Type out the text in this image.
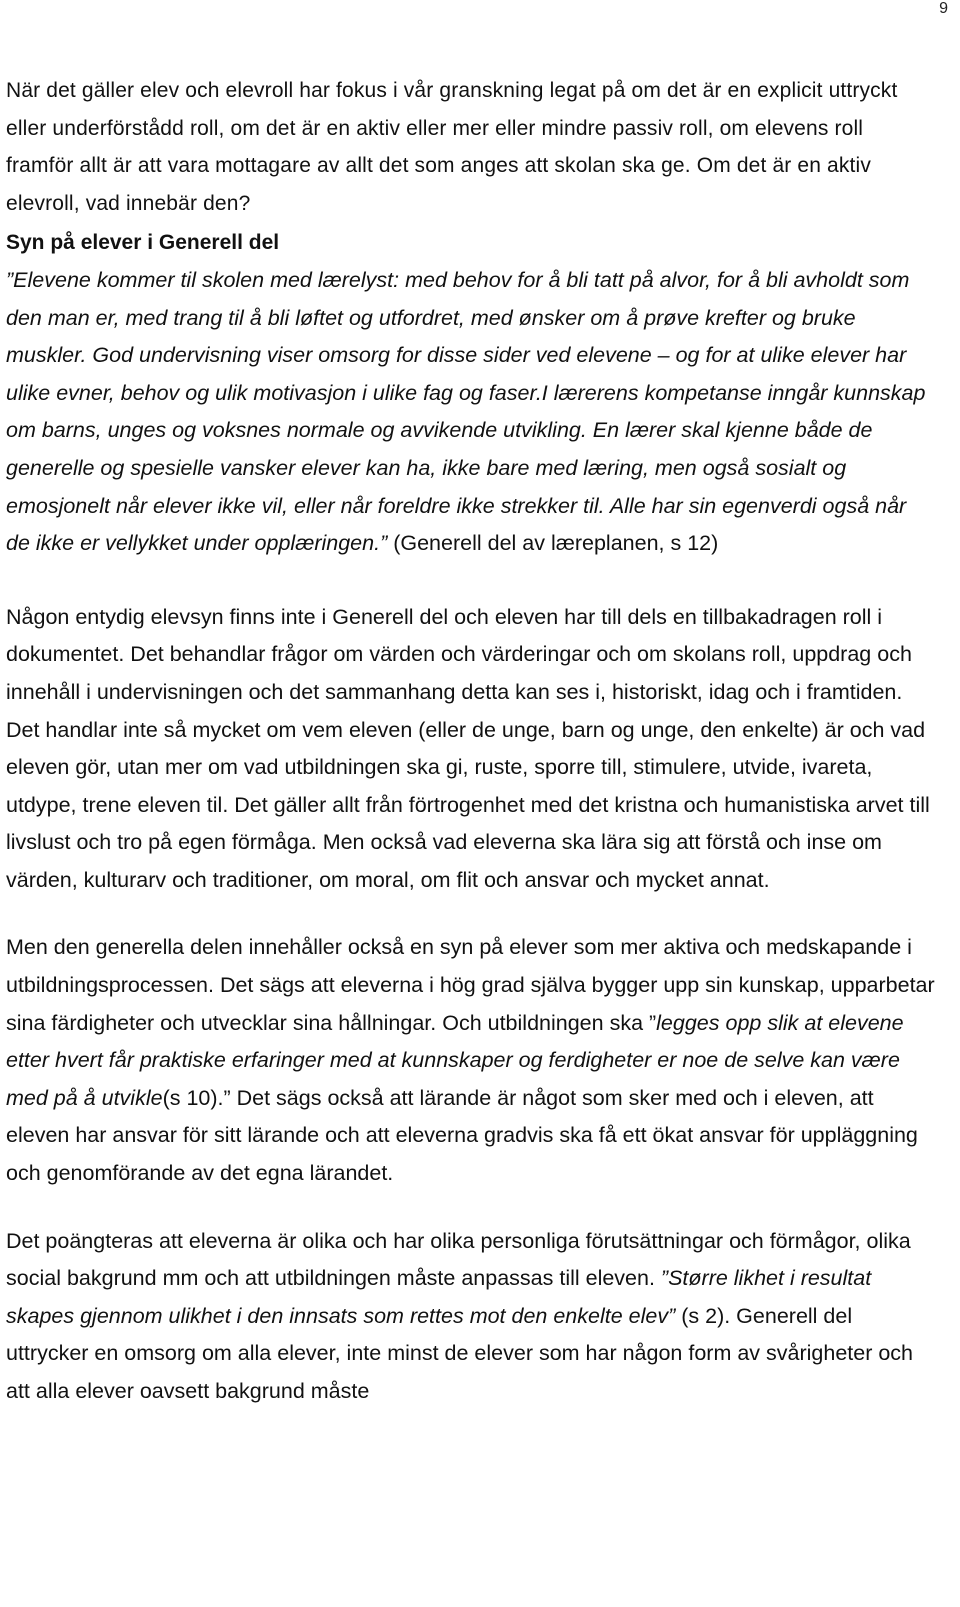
9

När det gäller elev och elevroll har fokus i vår granskning legat på om det är en explicit uttryckt eller underförstådd roll, om det är en aktiv eller mer eller mindre passiv roll, om elevens roll framför allt är att vara mottagare av allt det som anges att skolan ska ge. Om det är en aktiv elevroll, vad innebär den?

Syn på elever i Generell del

”Elevene kommer til skolen med lærelyst: med behov for å bli tatt på alvor, for å bli avholdt som den man er, med trang til å bli løftet og utfordret, med ønsker om å prøve krefter og bruke muskler. God undervisning viser omsorg for disse sider ved elevene – og for at ulike elever har ulike evner, behov og ulik motivasjon i ulike fag og faser.I lærerens kompetanse inngår kunnskap om barns, unges og voksnes normale og avvikende utvikling. En lærer skal kjenne både de generelle og spesielle vansker elever kan ha, ikke bare med læring, men også sosialt og emosjonelt når elever ikke vil, eller når foreldre ikke strekker til. Alle har sin egenverdi også når de ikke er vellykket under opplæringen.” (Generell del av læreplanen, s 12)

Någon entydig elevsyn finns inte i Generell del och eleven har till dels en tillbakadragen roll i dokumentet. Det behandlar frågor om värden och värderingar och om skolans roll, uppdrag och innehåll i undervisningen och det sammanhang detta kan ses i, historiskt, idag och i framtiden. Det handlar inte så mycket om vem eleven (eller de unge, barn og unge, den enkelte) är och vad eleven gör, utan mer om vad utbildningen ska gi, ruste, sporre till, stimulere, utvide, ivareta, utdype, trene eleven til. Det gäller allt från förtrogenhet med det kristna och humanistiska arvet till livslust och tro på egen förmåga. Men också vad eleverna ska lära sig att förstå och inse om värden, kulturarv och traditioner, om moral, om flit och ansvar och mycket annat.

Men den generella delen innehåller också en syn på elever som mer aktiva och medskapande i utbildningsprocessen. Det sägs att eleverna i hög grad själva bygger upp sin kunskap, upparbetar sina färdigheter och utvecklar sina hållningar. Och utbildningen ska ”legges opp slik at elevene etter hvert får praktiske erfaringer med at kunnskaper og ferdigheter er noe de selve kan være med på å utvikle(s 10).” Det sägs också att lärande är något som sker med och i eleven, att eleven har ansvar för sitt lärande och att eleverna gradvis ska få ett ökat ansvar för uppläggning och genomförande av det egna lärandet.

Det poängteras att eleverna är olika och har olika personliga förutsättningar och förmågor, olika social bakgrund mm och att utbildningen måste anpassas till eleven. ”Større likhet i resultat skapes gjennom ulikhet i den innsats som rettes mot den enkelte elev” (s 2). Generell del uttrycker en omsorg om alla elever, inte minst de elever som har någon form av svårigheter och att alla elever oavsett bakgrund måste
